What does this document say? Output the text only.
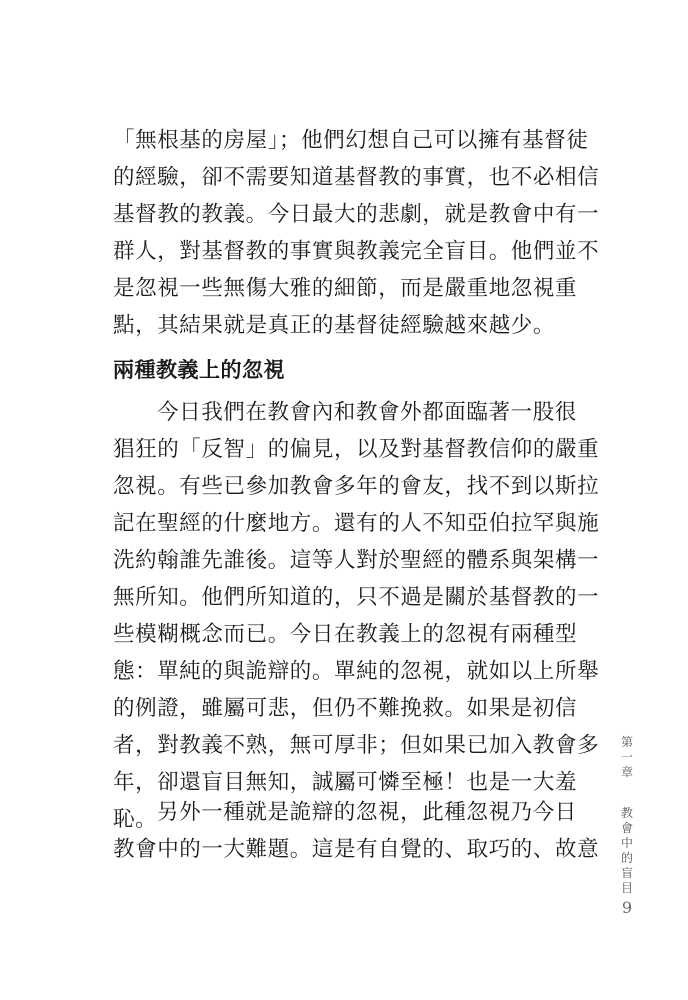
「無根基的房屋」；他們幻想自己可以擁有基督徒
的經驗，卻不需要知道基督教的事實，也不必相信
基督教的教義。今日最大的悲劇，就是教會中有一
群人，對基督教的事實與教義完全盲目。他們並不
是忽視一些無傷大雅的細節，而是嚴重地忽視重
點，其結果就是真正的基督徒經驗越來越少。
兩種教義上的忽視
今日我們在教會內和教會外都面臨著一股很
猖狂的「反智」的偏見，以及對基督教信仰的嚴重
忽視。有些已參加教會多年的會友，找不到以斯拉
記在聖經的什麼地方。還有的人不知亞伯拉罕與施
洗約翰誰先誰後。這等人對於聖經的體系與架構一
無所知。他們所知道的，只不過是關於基督教的一
些模糊概念而已。今日在教義上的忽視有兩種型
態：單純的與詭辯的。單純的忽視，就如以上所舉
的例證，雖屬可悲，但仍不難挽救。如果是初信
者，對教義不熟，無可厚非；但如果已加入教會多
年，卻還盲目無知，誠屬可憐至極！也是一大羞
恥。 另外一種就是詭辯的忽視，此種忽視乃今日
教會中的一大難題。這是有自覺的、取巧的、故意
第
一
章
教
會
中
的
盲
目
9
